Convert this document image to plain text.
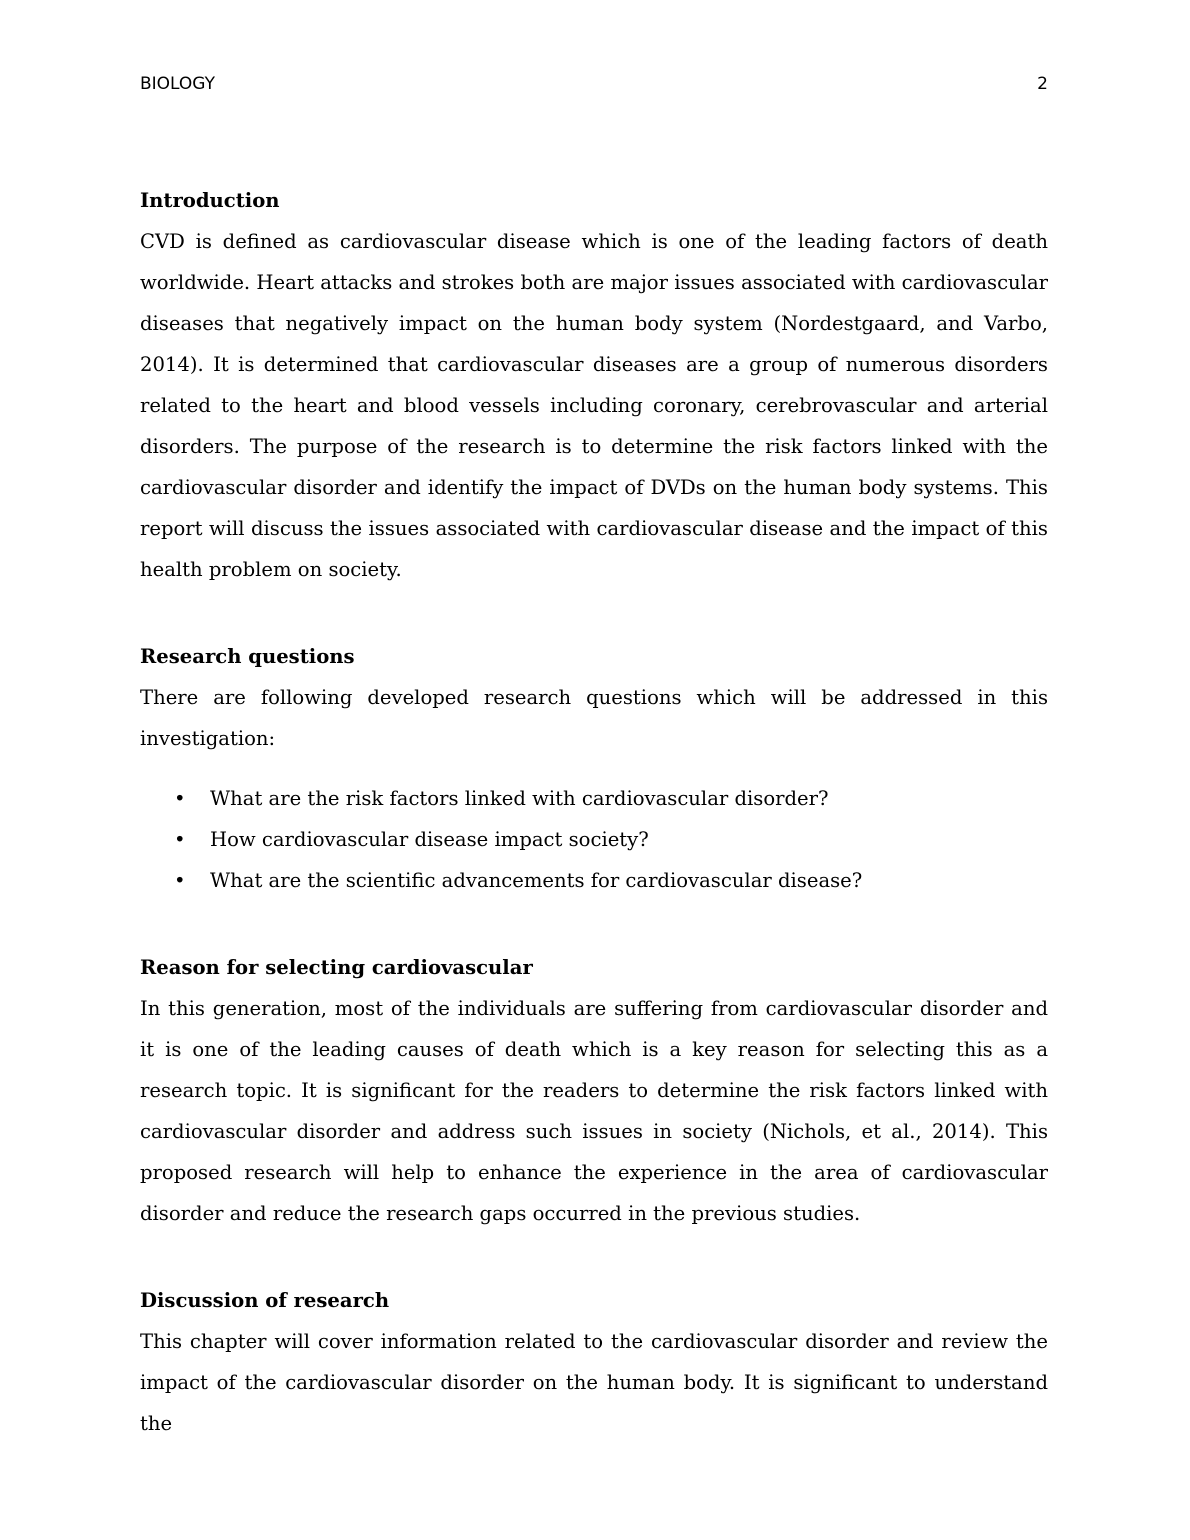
BIOLOGY	2
Introduction

CVD is defined as cardiovascular disease which is one of the leading factors of death worldwide. Heart attacks and strokes both are major issues associated with cardiovascular diseases that negatively impact on the human body system (Nordestgaard, and Varbo, 2014). It is determined that cardiovascular diseases are a group of numerous disorders related to the heart and blood vessels including coronary, cerebrovascular and arterial disorders. The purpose of the research is to determine the risk factors linked with the cardiovascular disorder and identify the impact of DVDs on the human body systems. This report will discuss the issues associated with cardiovascular disease and the impact of this health problem on society.

Research questions

There are following developed research questions which will be addressed in this investigation:

• What are the risk factors linked with cardiovascular disorder?
• How cardiovascular disease impact society?
• What are the scientific advancements for cardiovascular disease?
Reason for selecting cardiovascular

In this generation, most of the individuals are suffering from cardiovascular disorder and it is one of the leading causes of death which is a key reason for selecting this as a research topic. It is significant for the readers to determine the risk factors linked with cardiovascular disorder and address such issues in society (Nichols, et al., 2014). This proposed research will help to enhance the experience in the area of cardiovascular disorder and reduce the research gaps occurred in the previous studies.

Discussion of research

This chapter will cover information related to the cardiovascular disorder and review the impact of the cardiovascular disorder on the human body. It is significant to understand the
